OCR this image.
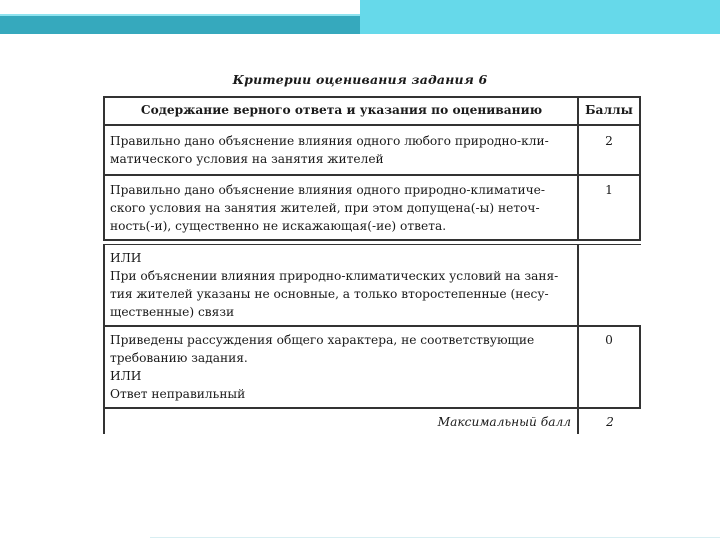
Критерии оценивания задания 6
Содержание верного ответа и указания по оцениванию	Баллы
Правильно дано объяснение влияния одного любого природно-кли-
матического условия на занятия жителей
2
Правильно дано объяснение влияния одного природно-климатиче-
ского условия на занятия жителей, при этом допущена(-ы) неточ-
ность(-и), существенно не искажающая(-ие) ответа.
1
ИЛИ
При объяснении влияния природно-климатических условий на заня-
тия жителей указаны не основные, а только второстепенные (несу-
щественные) связи
Приведены рассуждения общего характера, не соответствующие
требованию задания.
ИЛИ
Ответ неправильный
0
Максимальный балл	2
